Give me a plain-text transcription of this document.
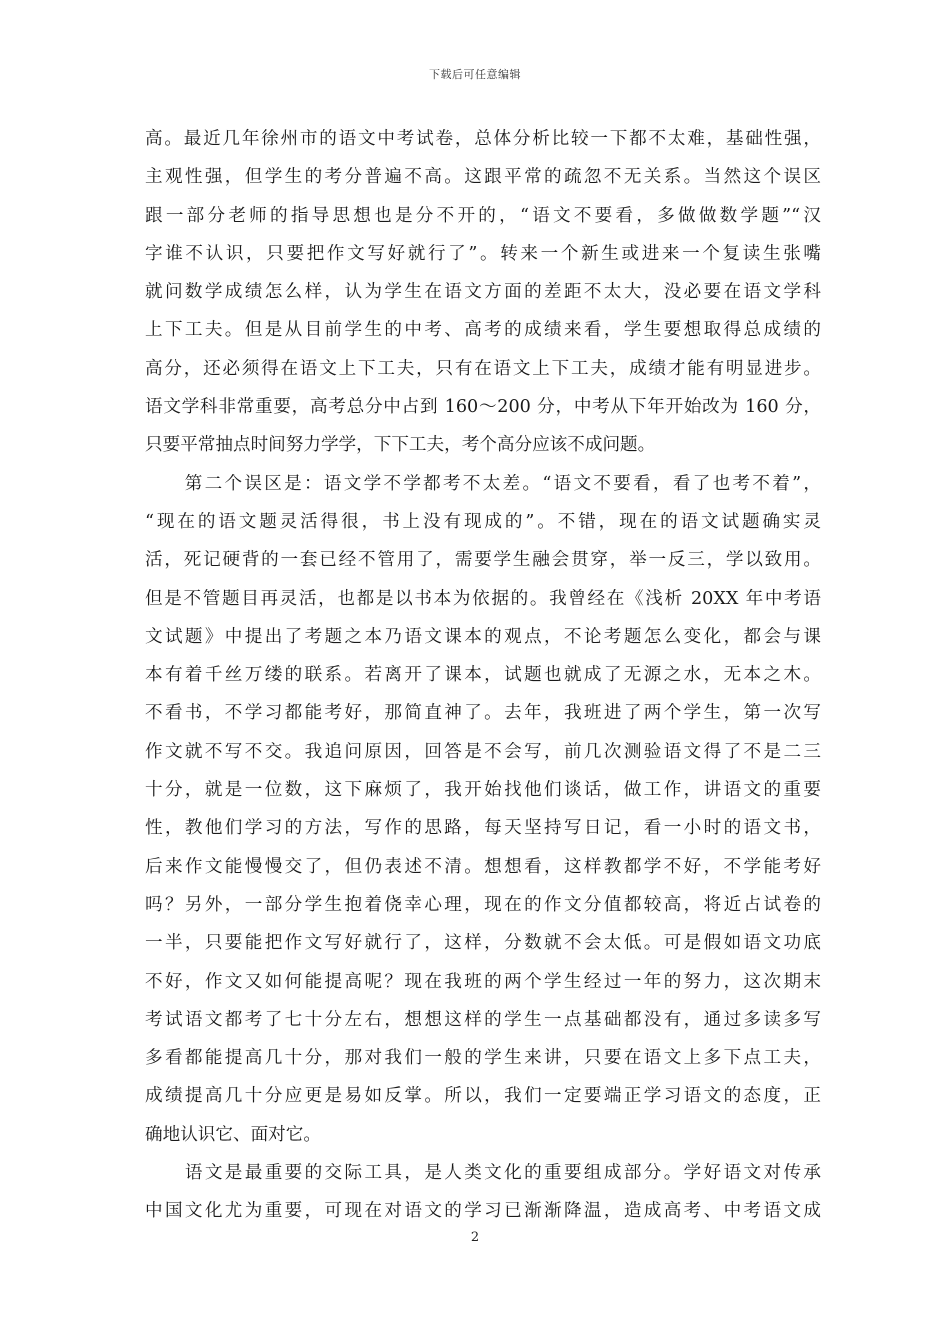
下载后可任意编辑
高。最近几年徐州市的语文中考试卷，总体分析比较一下都不太难，基础性强，
主观性强，但学生的考分普遍不高。这跟平常的疏忽不无关系。当然这个误区
跟一部分老师的指导思想也是分不开的，“语文不要看，多做做数学题”“汉
字谁不认识，只要把作文写好就行了”。转来一个新生或进来一个复读生张嘴
就问数学成绩怎么样，认为学生在语文方面的差距不太大，没必要在语文学科
上下工夫。但是从目前学生的中考、高考的成绩来看，学生要想取得总成绩的
高分，还必须得在语文上下工夫，只有在语文上下工夫，成绩才能有明显进步。
语文学科非常重要，高考总分中占到 160～200 分，中考从下年开始改为 160 分，
只要平常抽点时间努力学学，下下工夫，考个高分应该不成问题。
　　第二个误区是：语文学不学都考不太差。“语文不要看，看了也考不着”，
“现在的语文题灵活得很，书上没有现成的”。不错，现在的语文试题确实灵
活，死记硬背的一套已经不管用了，需要学生融会贯穿，举一反三，学以致用。
但是不管题目再灵活，也都是以书本为依据的。我曾经在《浅析 20XX 年中考语
文试题》中提出了考题之本乃语文课本的观点，不论考题怎么变化，都会与课
本有着千丝万缕的联系。若离开了课本，试题也就成了无源之水，无本之木。
不看书，不学习都能考好，那简直神了。去年，我班进了两个学生，第一次写
作文就不写不交。我追问原因，回答是不会写，前几次测验语文得了不是二三
十分，就是一位数，这下麻烦了，我开始找他们谈话，做工作，讲语文的重要
性，教他们学习的方法，写作的思路，每天坚持写日记，看一小时的语文书，
后来作文能慢慢交了，但仍表述不清。想想看，这样教都学不好，不学能考好
吗？另外，一部分学生抱着侥幸心理，现在的作文分值都较高，将近占试卷的
一半，只要能把作文写好就行了，这样，分数就不会太低。可是假如语文功底
不好，作文又如何能提高呢？现在我班的两个学生经过一年的努力，这次期末
考试语文都考了七十分左右，想想这样的学生一点基础都没有，通过多读多写
多看都能提高几十分，那对我们一般的学生来讲，只要在语文上多下点工夫，
成绩提高几十分应更是易如反掌。所以，我们一定要端正学习语文的态度，正
确地认识它、面对它。
　　语文是最重要的交际工具，是人类文化的重要组成部分。学好语文对传承
中国文化尤为重要，可现在对语文的学习已渐渐降温，造成高考、中考语文成
2
